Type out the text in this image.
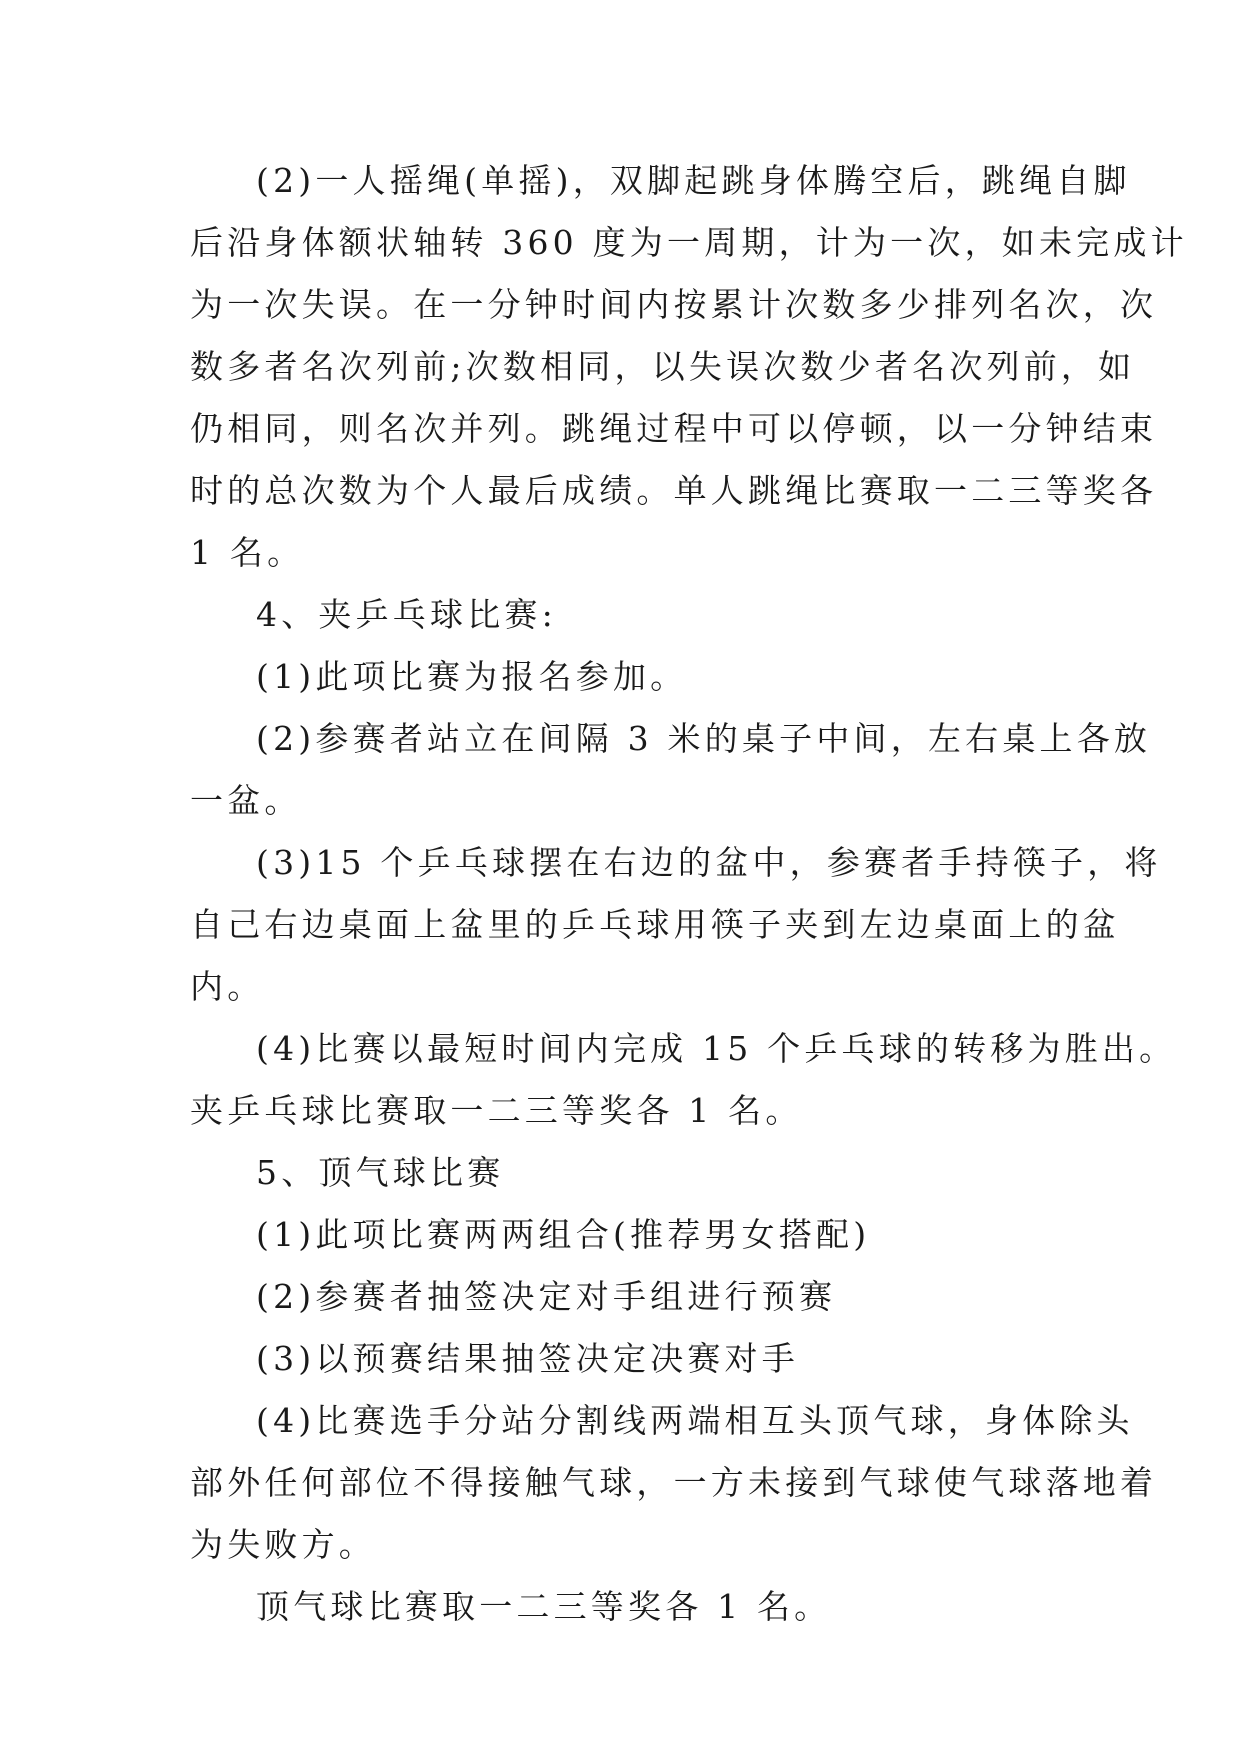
(2)一人摇绳(单摇)，双脚起跳身体腾空后，跳绳自脚
后沿身体额状轴转 360 度为一周期，计为一次，如未完成计
为一次失误。在一分钟时间内按累计次数多少排列名次，次
数多者名次列前;次数相同，以失误次数少者名次列前，如
仍相同，则名次并列。跳绳过程中可以停顿，以一分钟结束
时的总次数为个人最后成绩。单人跳绳比赛取一二三等奖各
1 名。
4、夹乒乓球比赛:
(1)此项比赛为报名参加。
(2)参赛者站立在间隔 3 米的桌子中间，左右桌上各放
一盆。
(3)15 个乒乓球摆在右边的盆中，参赛者手持筷子，将
自己右边桌面上盆里的乒乓球用筷子夹到左边桌面上的盆
内。
(4)比赛以最短时间内完成 15 个乒乓球的转移为胜出。
夹乒乓球比赛取一二三等奖各 1 名。
5、顶气球比赛
(1)此项比赛两两组合(推荐男女搭配)
(2)参赛者抽签决定对手组进行预赛
(3)以预赛结果抽签决定决赛对手
(4)比赛选手分站分割线两端相互头顶气球，身体除头
部外任何部位不得接触气球，一方未接到气球使气球落地着
为失败方。
顶气球比赛取一二三等奖各 1 名。
